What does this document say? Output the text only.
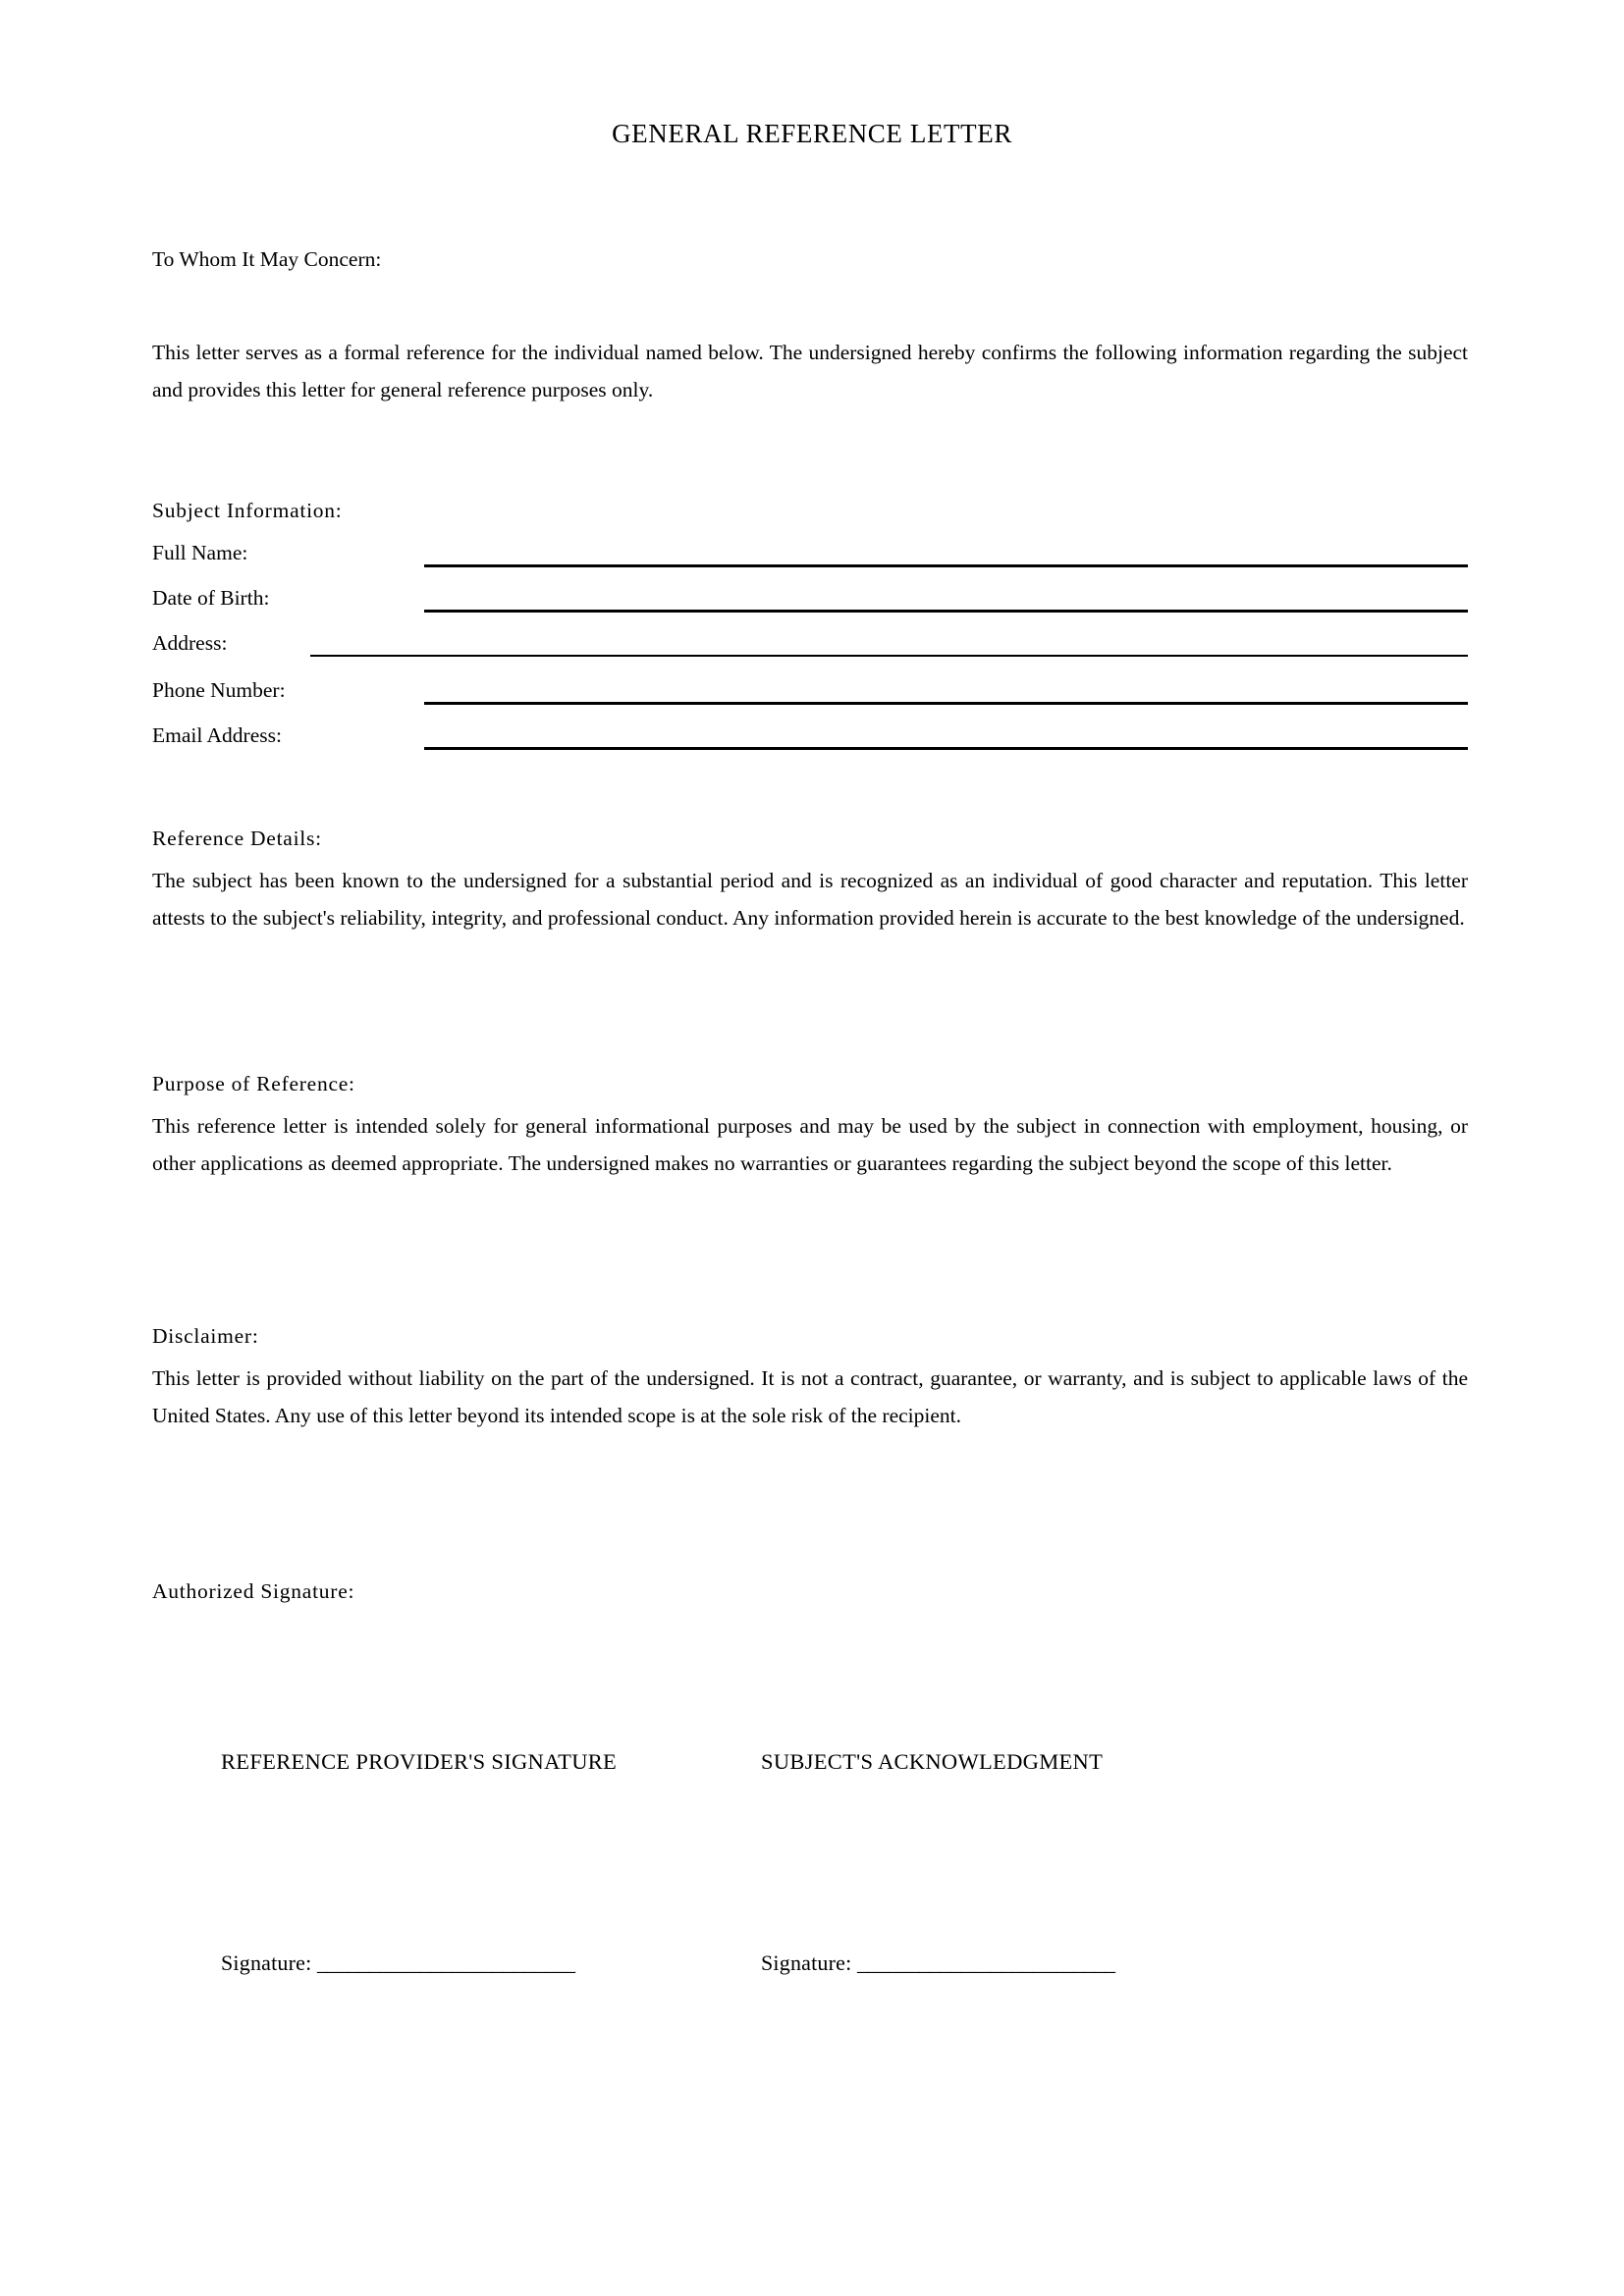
GENERAL REFERENCE LETTER
To Whom It May Concern:
This letter serves as a formal reference for the individual named below. The undersigned hereby confirms the following information regarding the subject and provides this letter for general reference purposes only.
Subject Information:
Full Name:
Date of Birth:
Address:
Phone Number:
Email Address:
Reference Details:
The subject has been known to the undersigned for a substantial period and is recognized as an individual of good character and reputation. This letter attests to the subject's reliability, integrity, and professional conduct. Any information provided herein is accurate to the best knowledge of the undersigned.
Purpose of Reference:
This reference letter is intended solely for general informational purposes and may be used by the subject in connection with employment, housing, or other applications as deemed appropriate. The undersigned makes no warranties or guarantees regarding the subject beyond the scope of this letter.
Disclaimer:
This letter is provided without liability on the part of the undersigned. It is not a contract, guarantee, or warranty, and is subject to applicable laws of the United States. Any use of this letter beyond its intended scope is at the sole risk of the recipient.
Authorized Signature:
REFERENCE PROVIDER'S SIGNATURE
Signature: _________________________
SUBJECT'S ACKNOWLEDGMENT
Signature: _________________________
